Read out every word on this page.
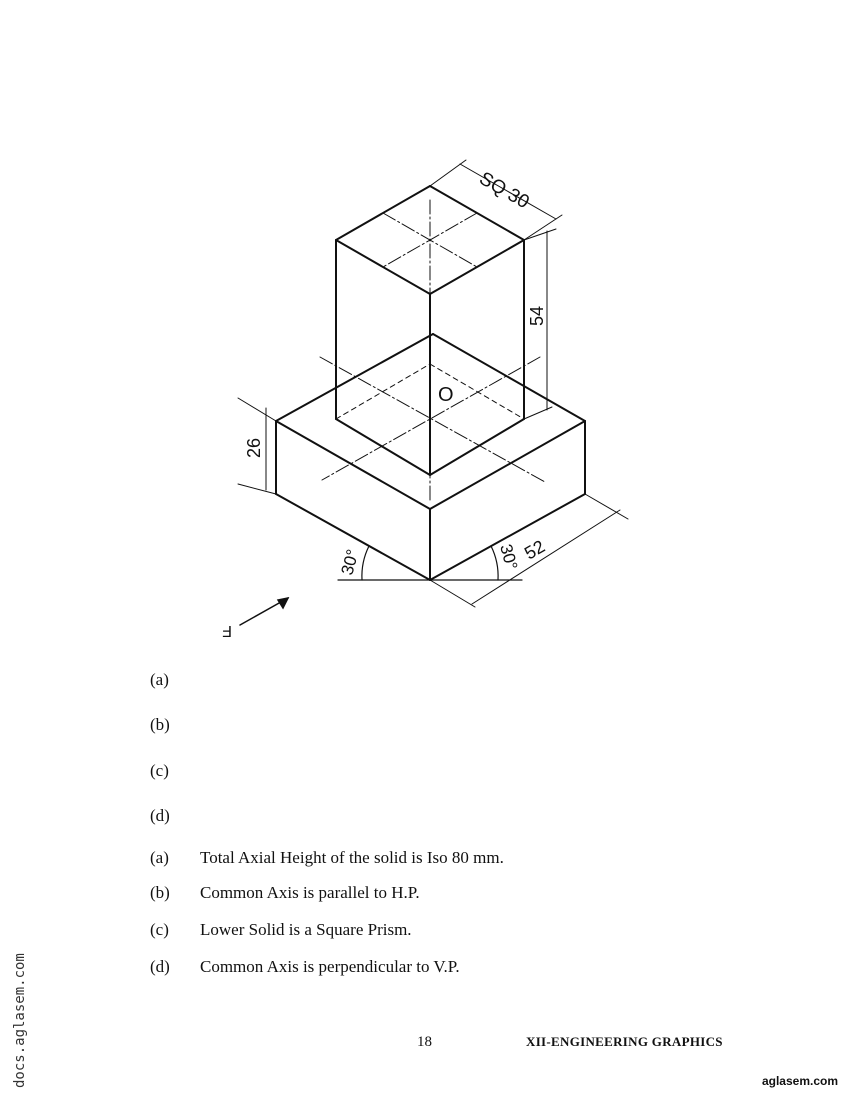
SQ 30
54
O
26
52
30°	30°
F
(a)
(b)
(c)
(d)
(a)	Total Axial Height of the solid is Iso 80 mm.
(b)	Common Axis is parallel to H.P.
(c)	Lower Solid is a Square Prism.
(d)	Common Axis is perpendicular to V.P.
18	XII-ENGINEERING GRAPHICS
docs.aglasem.com	aglasem.com
